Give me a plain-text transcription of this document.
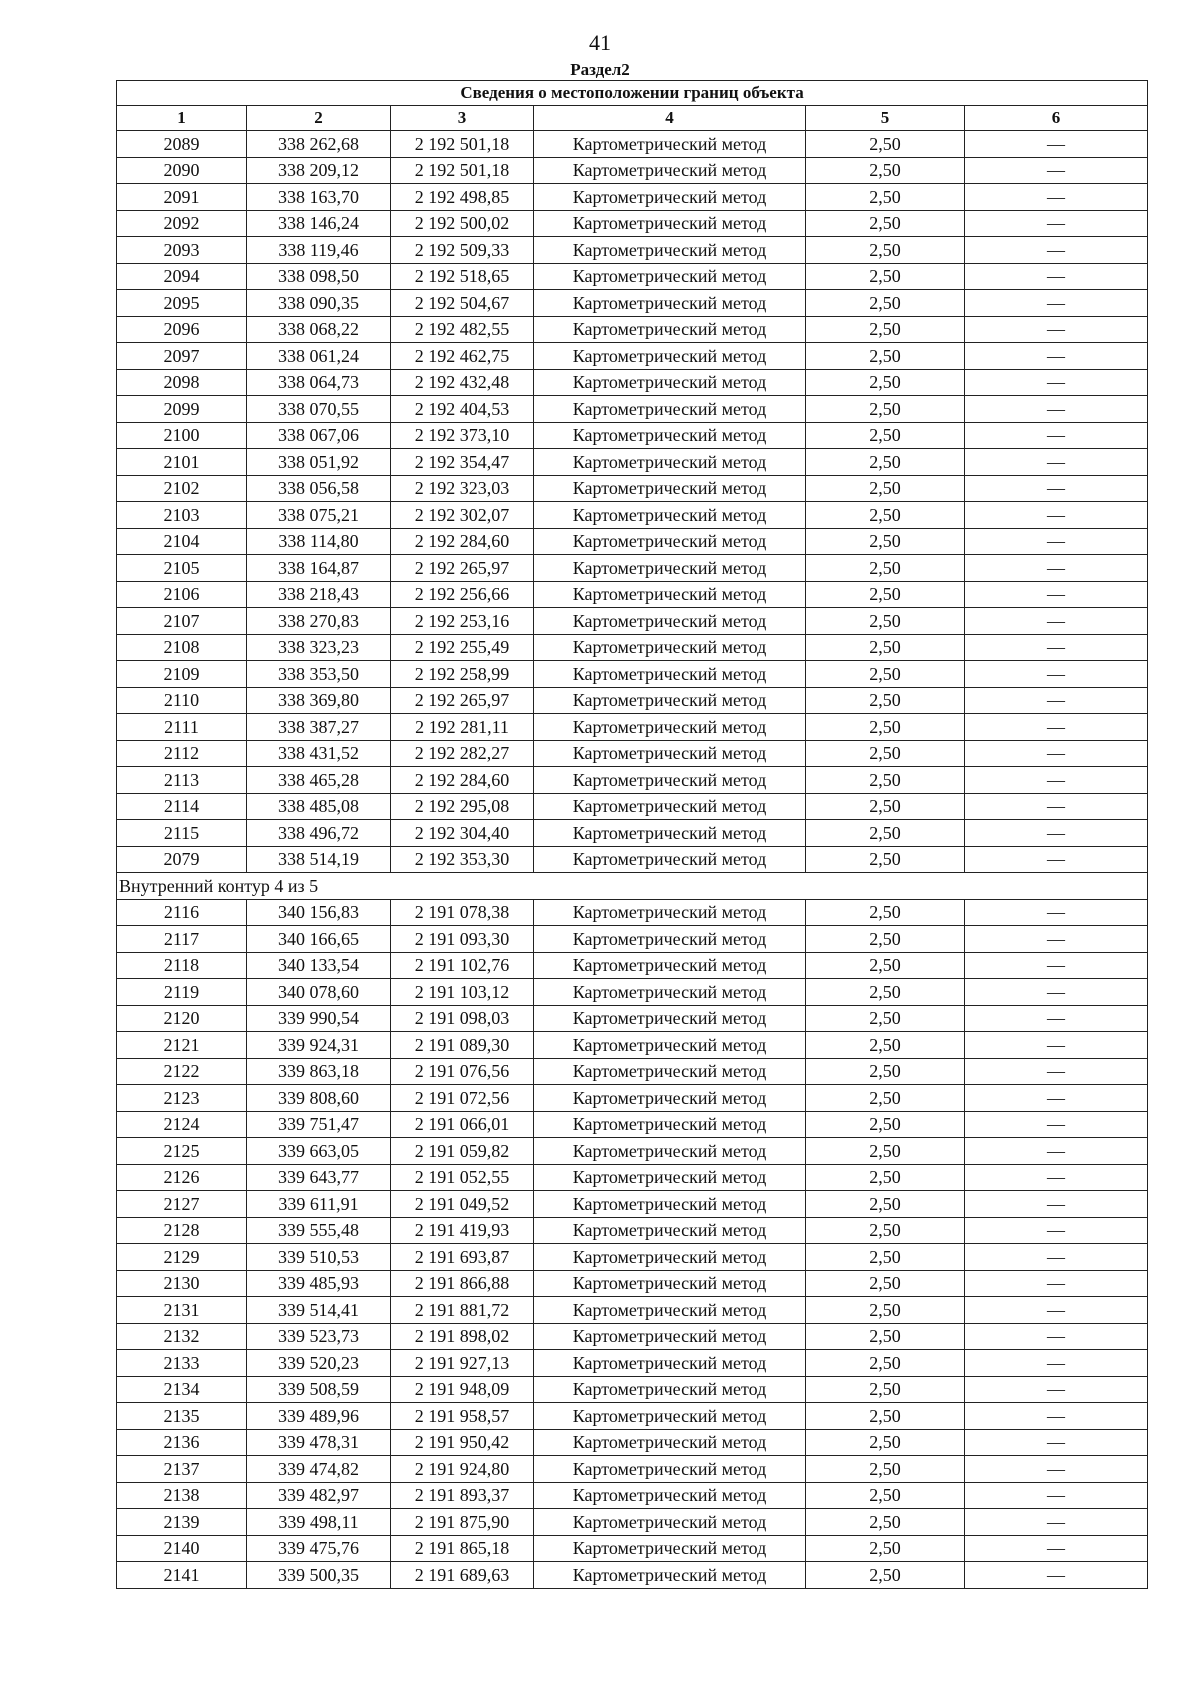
41
Раздел2
Сведения о местоположении границ объекта					
1	2	3	4	5	6
2089	338 262,68	2 192 501,18	Картометрический метод	2,50	—
2090	338 209,12	2 192 501,18	Картометрический метод	2,50	—
2091	338 163,70	2 192 498,85	Картометрический метод	2,50	—
2092	338 146,24	2 192 500,02	Картометрический метод	2,50	—
2093	338 119,46	2 192 509,33	Картометрический метод	2,50	—
2094	338 098,50	2 192 518,65	Картометрический метод	2,50	—
2095	338 090,35	2 192 504,67	Картометрический метод	2,50	—
2096	338 068,22	2 192 482,55	Картометрический метод	2,50	—
2097	338 061,24	2 192 462,75	Картометрический метод	2,50	—
2098	338 064,73	2 192 432,48	Картометрический метод	2,50	—
2099	338 070,55	2 192 404,53	Картометрический метод	2,50	—
2100	338 067,06	2 192 373,10	Картометрический метод	2,50	—
2101	338 051,92	2 192 354,47	Картометрический метод	2,50	—
2102	338 056,58	2 192 323,03	Картометрический метод	2,50	—
2103	338 075,21	2 192 302,07	Картометрический метод	2,50	—
2104	338 114,80	2 192 284,60	Картометрический метод	2,50	—
2105	338 164,87	2 192 265,97	Картометрический метод	2,50	—
2106	338 218,43	2 192 256,66	Картометрический метод	2,50	—
2107	338 270,83	2 192 253,16	Картометрический метод	2,50	—
2108	338 323,23	2 192 255,49	Картометрический метод	2,50	—
2109	338 353,50	2 192 258,99	Картометрический метод	2,50	—
2110	338 369,80	2 192 265,97	Картометрический метод	2,50	—
2111	338 387,27	2 192 281,11	Картометрический метод	2,50	—
2112	338 431,52	2 192 282,27	Картометрический метод	2,50	—
2113	338 465,28	2 192 284,60	Картометрический метод	2,50	—
2114	338 485,08	2 192 295,08	Картометрический метод	2,50	—
2115	338 496,72	2 192 304,40	Картометрический метод	2,50	—
2079	338 514,19	2 192 353,30	Картометрический метод	2,50	—
Внутренний контур 4 из 5					
2116	340 156,83	2 191 078,38	Картометрический метод	2,50	—
2117	340 166,65	2 191 093,30	Картометрический метод	2,50	—
2118	340 133,54	2 191 102,76	Картометрический метод	2,50	—
2119	340 078,60	2 191 103,12	Картометрический метод	2,50	—
2120	339 990,54	2 191 098,03	Картометрический метод	2,50	—
2121	339 924,31	2 191 089,30	Картометрический метод	2,50	—
2122	339 863,18	2 191 076,56	Картометрический метод	2,50	—
2123	339 808,60	2 191 072,56	Картометрический метод	2,50	—
2124	339 751,47	2 191 066,01	Картометрический метод	2,50	—
2125	339 663,05	2 191 059,82	Картометрический метод	2,50	—
2126	339 643,77	2 191 052,55	Картометрический метод	2,50	—
2127	339 611,91	2 191 049,52	Картометрический метод	2,50	—
2128	339 555,48	2 191 419,93	Картометрический метод	2,50	—
2129	339 510,53	2 191 693,87	Картометрический метод	2,50	—
2130	339 485,93	2 191 866,88	Картометрический метод	2,50	—
2131	339 514,41	2 191 881,72	Картометрический метод	2,50	—
2132	339 523,73	2 191 898,02	Картометрический метод	2,50	—
2133	339 520,23	2 191 927,13	Картометрический метод	2,50	—
2134	339 508,59	2 191 948,09	Картометрический метод	2,50	—
2135	339 489,96	2 191 958,57	Картометрический метод	2,50	—
2136	339 478,31	2 191 950,42	Картометрический метод	2,50	—
2137	339 474,82	2 191 924,80	Картометрический метод	2,50	—
2138	339 482,97	2 191 893,37	Картометрический метод	2,50	—
2139	339 498,11	2 191 875,90	Картометрический метод	2,50	—
2140	339 475,76	2 191 865,18	Картометрический метод	2,50	—
2141	339 500,35	2 191 689,63	Картометрический метод	2,50	—
